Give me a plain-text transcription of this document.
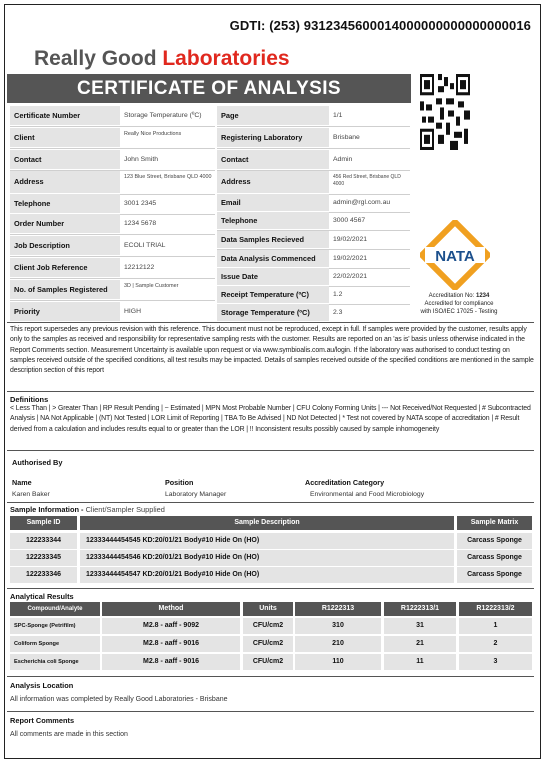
GDTI: (253) 9312345600014000000000000000016
Really Good Laboratories
CERTIFICATE OF ANALYSIS
Certificate Number	Storage Temperature (ºC)
Client	Really Nice Productions
Contact	John Smith
Address	123 Blue Street, Brisbane QLD 4000
Telephone	3001 2345
Order Number	1234 5678
Job Description	ECOLI TRIAL
Client Job Reference	12212122
No. of Samples Registered	3D | Sample Customer
Priority	HIGH
Page	1/1
Registering Laboratory	Brisbane
Contact	Admin
Address	456 Red Street, Brisbane QLD 4000
Email	admin@rgl.com.au
Telephone	3000 4567
Data Samples Recieved	19/02/2021
Data Analysis Commenced	19/02/2021
Issue Date	22/02/2021
Receipt Temperature (ºC)	1.2
Storage Temperature (ºC)	2.3
NATA
Accreditation No: 1234
Accredited for compliance
with ISO/IEC 17025 - Testing
This report supersedes any previous revision with this reference. This document must not be reproduced, except in full. If samples were provided by the customer, results apply only to the samples as received and responsibility for representative sampling rests with the customer. Results are reported on an 'as is' basis unless otherwise indicated in the Report Comments section. Measurement Uncertainty is available upon request or via www.symbioalis.com.au/login. If the laboratory was authorised to conduct testing on samples received outside of the specified conditions, all test results may be impacted. Details of samples received outside of the specified conditions are mentioned in the sample description section of this report
Definitions
< Less Than | > Greater Than | RP Result Pending | ~ Estimated | MPN Most Probable Number | CFU Colony Forming Units | --- Not Received/Not Requested | # Subcontracted Analysis | NA Not Applicable | (NT) Not Tested | LOR Limit of Reporting | TBA To Be Advised | ND Not Detected | * Test not covered by NATA scope of accreditation | # Result derived from a calculation and includes results equal to or greater than the LOR | !! Inconsistent results possibly caused by sample inhomogeneity
Authorised By
Name	Position	Accreditation Category
Karen Baker	Laboratory Manager	Environmental and Food Microbiology
Sample Information - Client/Sampler Supplied
Sample ID	Sample Description	Sample Matrix
122233344	12333444454545 KD:20/01/21 Body#10 Hide On (HO)	Carcass Sponge
122233345	12333444454546 KD:20/01/21 Body#10 Hide On (HO)	Carcass Sponge
122233346	12333444454547 KD:20/01/21 Body#10 Hide On (HO)	Carcass Sponge
Analytical Results
Compound/Analyte	Method	Units	R1222313	R1222313/1	R1222313/2
SPC-Sponge (Petrifilm)	M2.8 - aaff - 9092	CFU/cm2	310	31	1
Coliform Sponge	M2.8 - aaff - 9016	CFU/cm2	210	21	2
Escherichia coli Sponge	M2.8 - aaff - 9016	CFU/cm2	110	11	3
Analysis Location
All information was completed by Really Good Laboratories - Brisbane
Report Comments
All comments are made in this section
